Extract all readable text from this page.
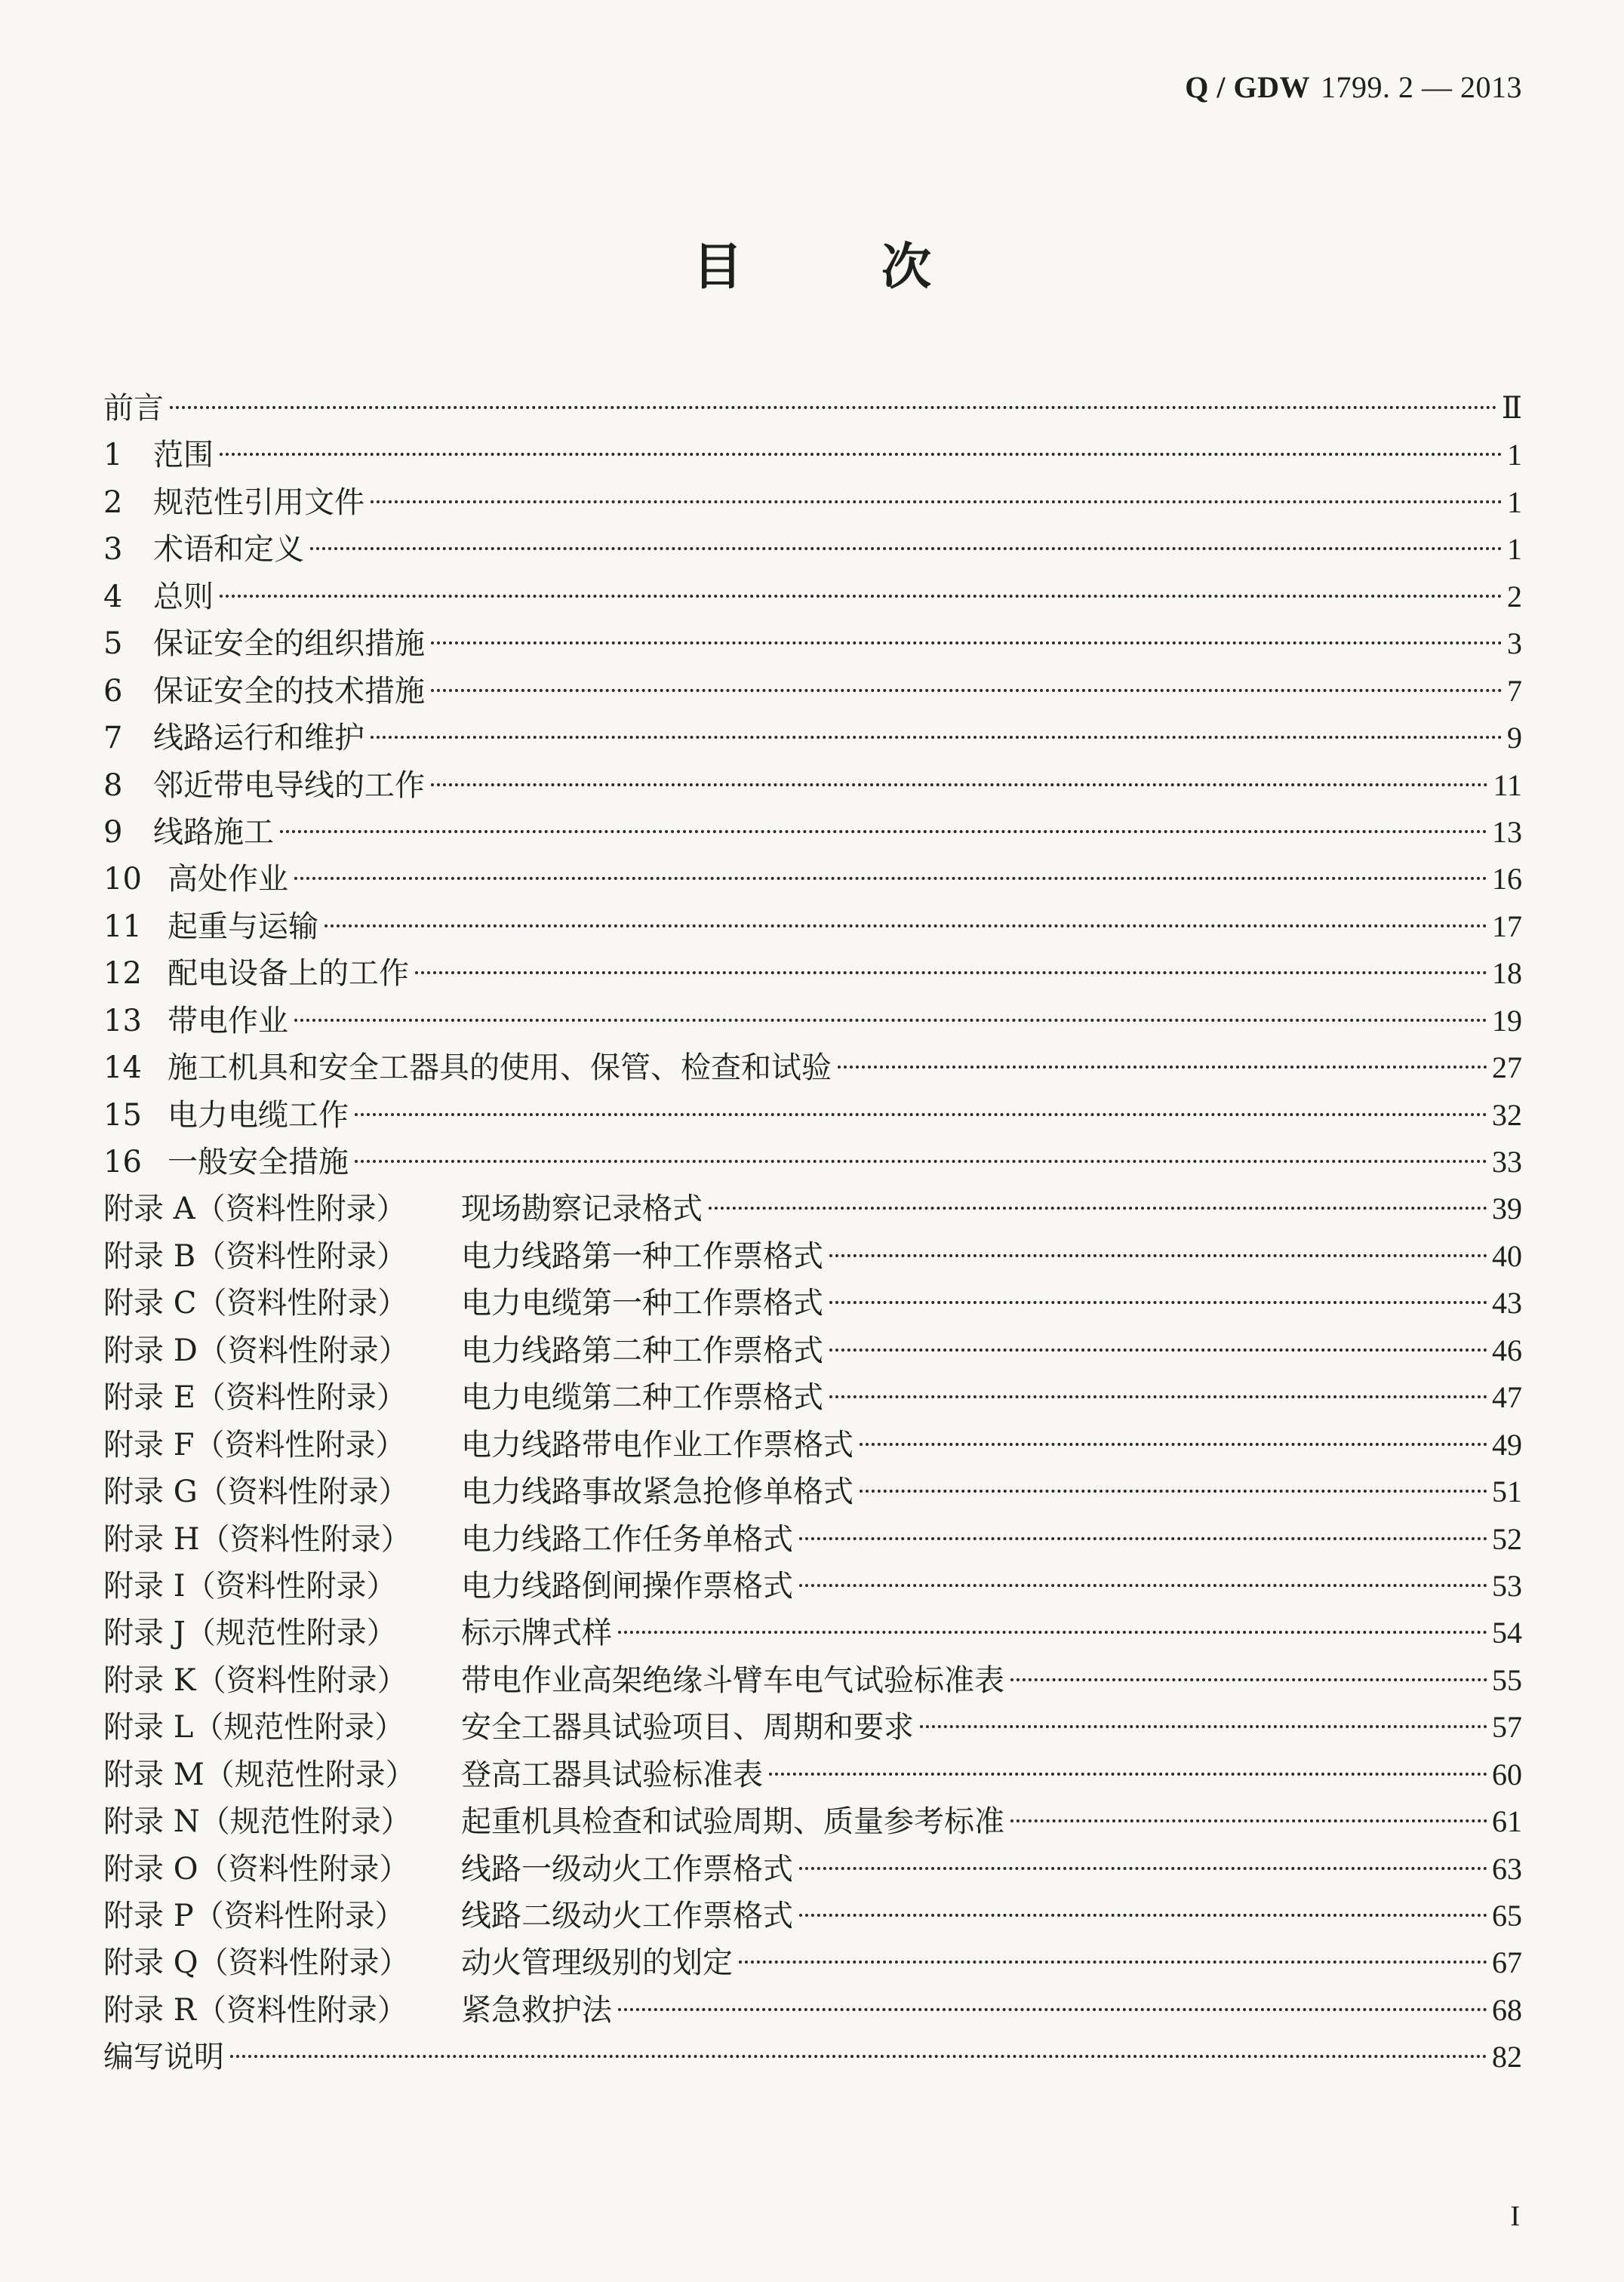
Q / GDW 1799. 2 — 2013
目	次
前言	Ⅱ
1 范围	1
2 规范性引用文件	1
3 术语和定义	1
4 总则	2
5 保证安全的组织措施	3
6 保证安全的技术措施	7
7 线路运行和维护	9
8 邻近带电导线的工作	11
9 线路施工	13
10 高处作业	16
11 起重与运输	17
12 配电设备上的工作	18
13 带电作业	19
14 施工机具和安全工器具的使用、保管、检查和试验	27
15 电力电缆工作	32
16 一般安全措施	33
附录 A（资料性附录） 现场勘察记录格式	39
附录 B（资料性附录） 电力线路第一种工作票格式	40
附录 C（资料性附录） 电力电缆第一种工作票格式	43
附录 D（资料性附录） 电力线路第二种工作票格式	46
附录 E（资料性附录） 电力电缆第二种工作票格式	47
附录 F（资料性附录） 电力线路带电作业工作票格式	49
附录 G（资料性附录） 电力线路事故紧急抢修单格式	51
附录 H（资料性附录） 电力线路工作任务单格式	52
附录 I（资料性附录） 电力线路倒闸操作票格式	53
附录 J（规范性附录） 标示牌式样	54
附录 K（资料性附录） 带电作业高架绝缘斗臂车电气试验标准表	55
附录 L（规范性附录） 安全工器具试验项目、周期和要求	57
附录 M（规范性附录） 登高工器具试验标准表	60
附录 N（规范性附录） 起重机具检查和试验周期、质量参考标准	61
附录 O（资料性附录） 线路一级动火工作票格式	63
附录 P（资料性附录） 线路二级动火工作票格式	65
附录 Q（资料性附录） 动火管理级别的划定	67
附录 R（资料性附录） 紧急救护法	68
编写说明	82
I
